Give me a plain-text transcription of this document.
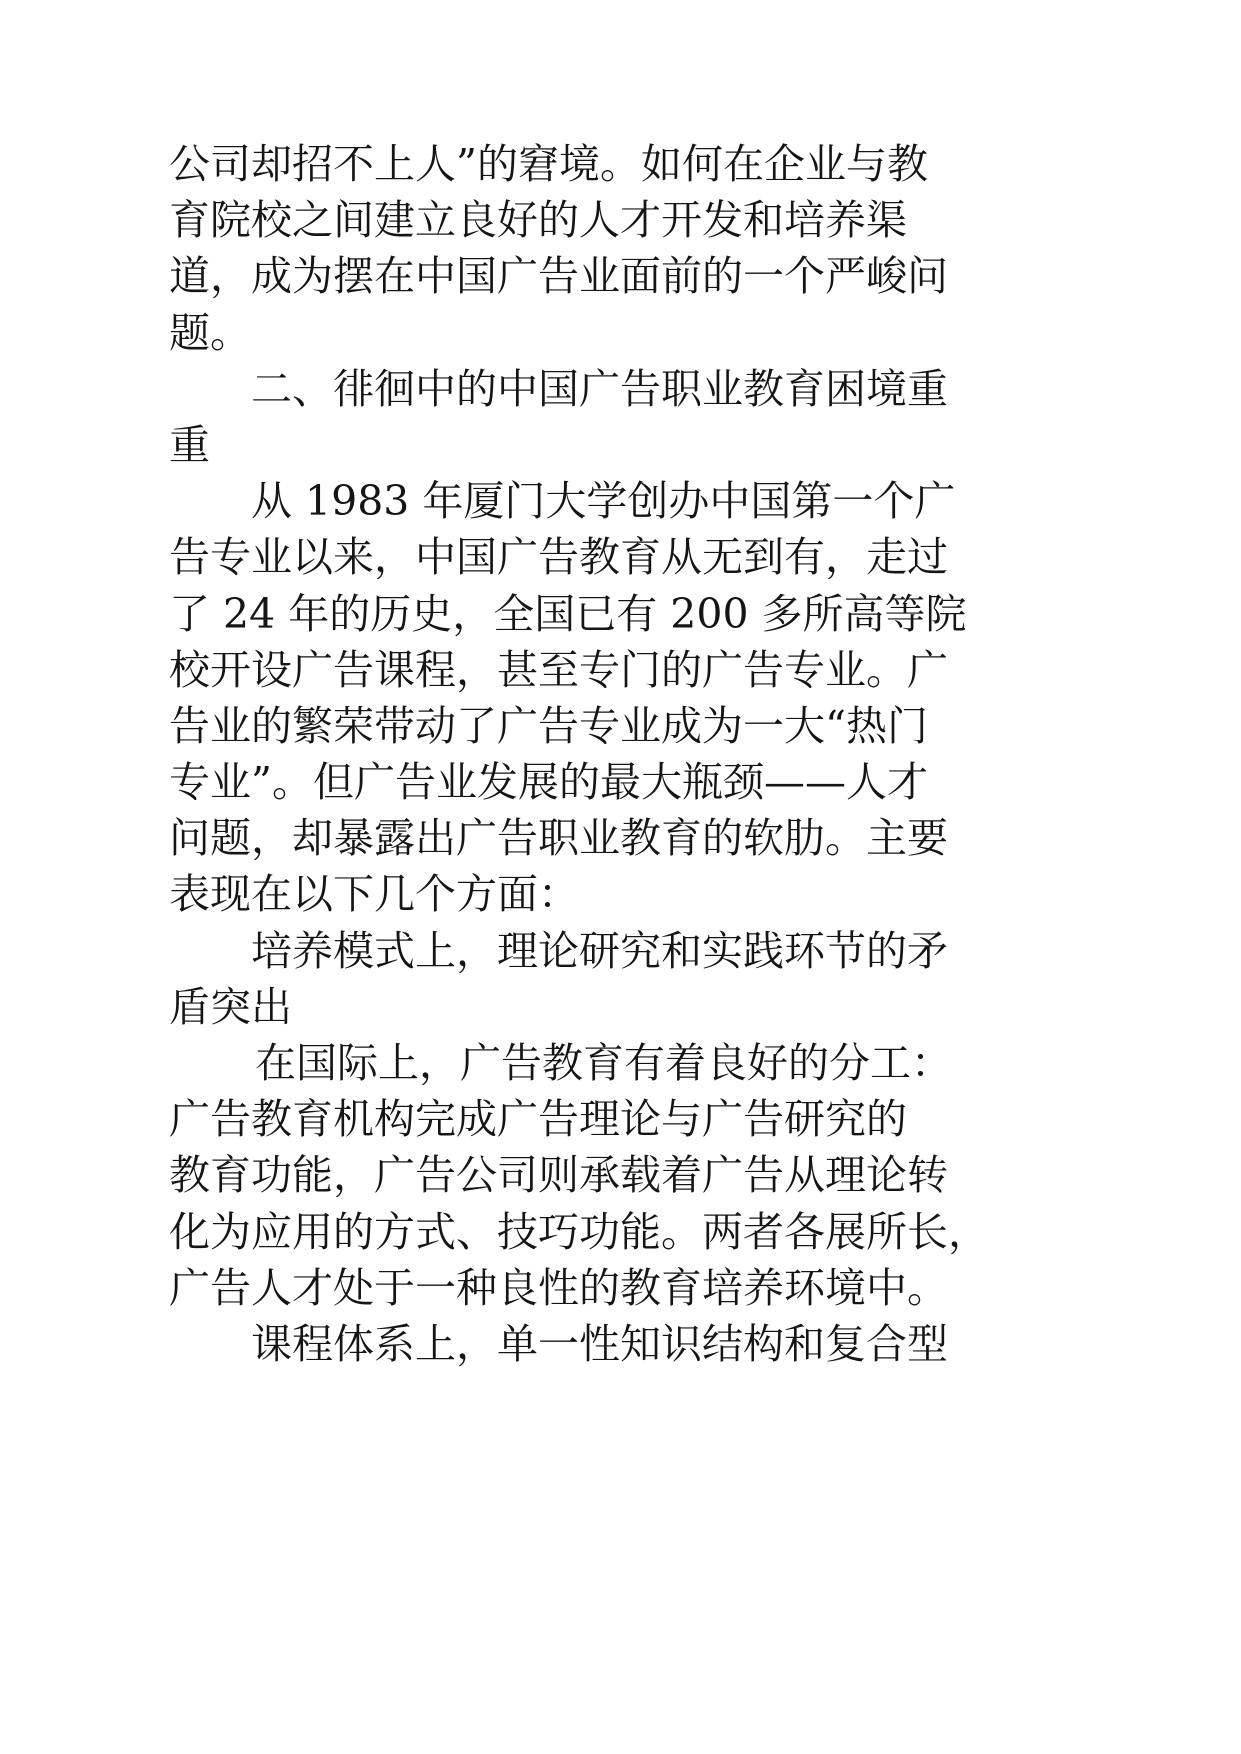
公司却招不上人”的窘境。如何在企业与教
育院校之间建立良好的人才开发和培养渠
道，成为摆在中国广告业面前的一个严峻问
题。
二、徘徊中的中国广告职业教育困境重
重
从 1983 年厦门大学创办中国第一个广
告专业以来，中国广告教育从无到有，走过
了 24 年的历史，全国已有 200 多所高等院
校开设广告课程，甚至专门的广告专业。广
告业的繁荣带动了广告专业成为一大“热门
专业”。但广告业发展的最大瓶颈——人才
问题，却暴露出广告职业教育的软肋。主要
表现在以下几个方面：
培养模式上，理论研究和实践环节的矛
盾突出
在国际上，广告教育有着良好的分工：
广告教育机构完成广告理论与广告研究的
教育功能，广告公司则承载着广告从理论转
化为应用的方式、技巧功能。两者各展所长，
广告人才处于一种良性的教育培养环境中。
课程体系上，单一性知识结构和复合型
